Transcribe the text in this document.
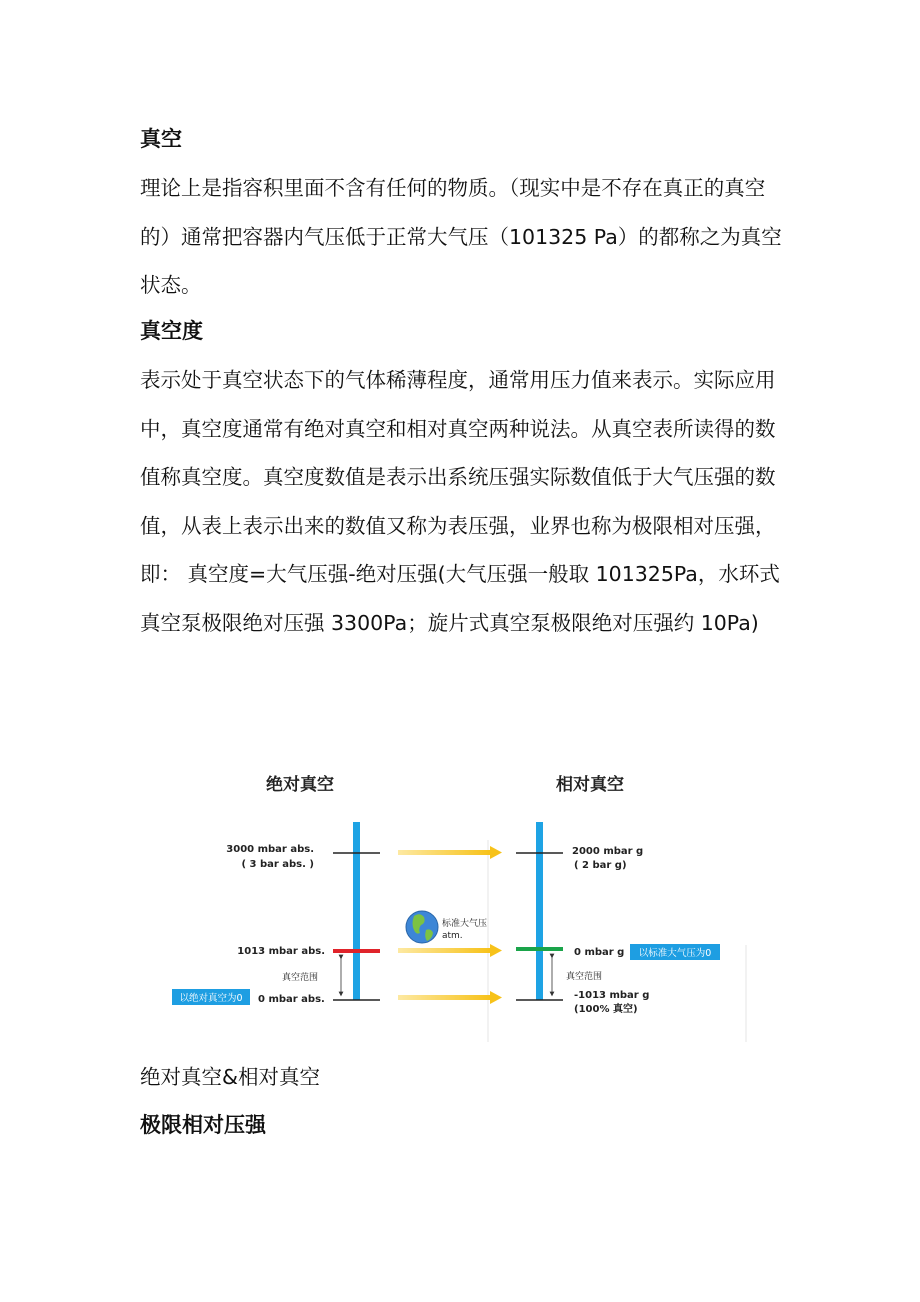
真空

理论上是指容积里面不含有任何的物质。（现实中是不存在真正的真空的）通常把容器内气压低于正常大气压（101325 Pa）的都称之为真空状态。

真空度

表示处于真空状态下的气体稀薄程度，通常用压力值来表示。实际应用中，真空度通常有绝对真空和相对真空两种说法。从真空表所读得的数值称真空度。真空度数值是表示出系统压强实际数值低于大气压强的数值，从表上表示出来的数值又称为表压强，业界也称为极限相对压强，即： 真空度=大气压强-绝对压强(大气压强一般取 101325Pa，水环式真空泵极限绝对压强 3300Pa；旋片式真空泵极限绝对压强约 10Pa)

绝对真空	相对真空
3000 mbar abs.
( 3 bar abs. )
1013 mbar abs.
真空范围
0 mbar abs.
以绝对真空为0
2000 mbar g
( 2 bar g)
0 mbar g
真空范围
-1013 mbar g
(100% 真空)
以标准大气压为0
标准大气压
atm.

绝对真空&相对真空

极限相对压强
